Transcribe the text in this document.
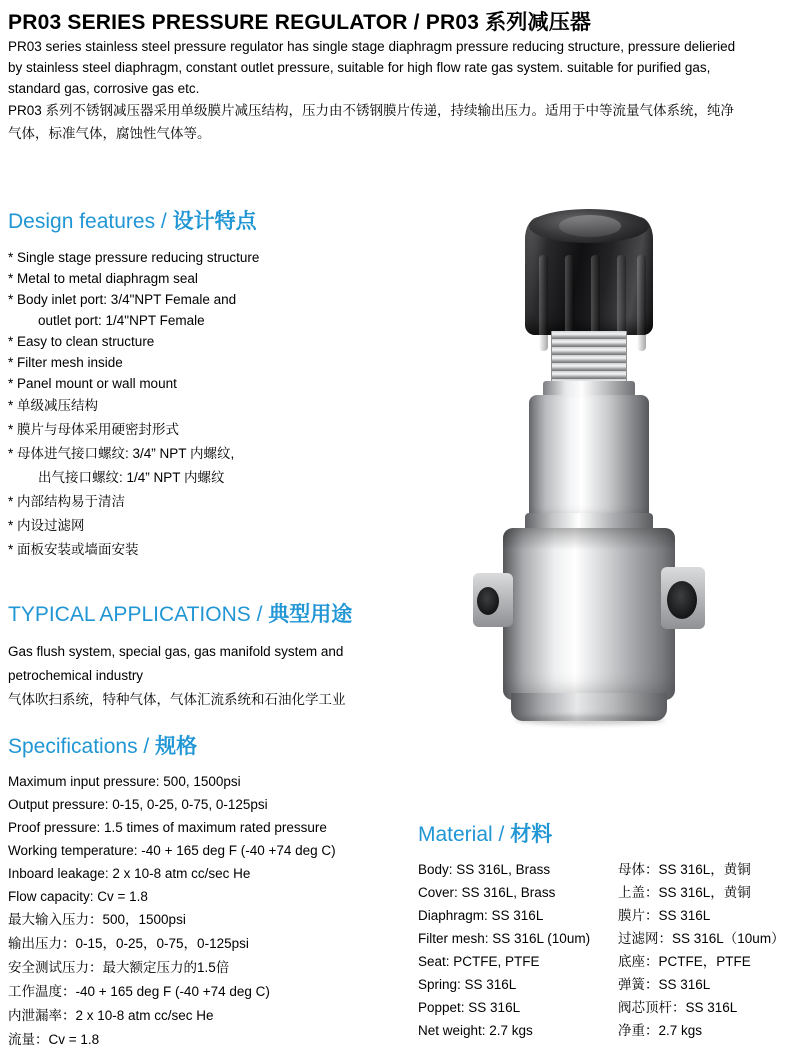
PR03 SERIES PRESSURE REGULATOR / PR03 系列减压器

PR03 series stainless steel pressure regulator has single stage diaphragm pressure reducing structure, pressure delieried

by stainless steel diaphragm, constant outlet pressure, suitable for high flow rate gas system. suitable for purified gas,

standard gas, corrosive gas etc.

PR03 系列不锈钢减压器采用单级膜片减压结构，压力由不锈钢膜片传递，持续输出压力。适用于中等流量气体系统，纯净

气体，标准气体，腐蚀性气体等。

Design features / 设计特点
* Single stage pressure reducing structure
* Metal to metal diaphragm seal
* Body inlet port: 3/4"NPT Female and
outlet port: 1/4"NPT Female
* Easy to clean structure
* Filter mesh inside
* Panel mount or wall mount
* 单级减压结构
* 膜片与母体采用硬密封形式
* 母体进气接口螺纹: 3/4” NPT 内螺纹,
出气接口螺纹: 1/4” NPT 内螺纹
* 内部结构易于清洁
* 内设过滤网
* 面板安装或墙面安装
TYPICAL APPLICATIONS / 典型用途
Gas flush system, special gas, gas manifold system and
petrochemical industry
气体吹扫系统，特种气体，气体汇流系统和石油化学工业
Specifications / 规格
Maximum input pressure: 500, 1500psi
Output pressure: 0-15, 0-25, 0-75, 0-125psi
Proof pressure: 1.5 times of maximum rated pressure
Working temperature: -40 + 165 deg F (-40 +74 deg C)
Inboard leakage: 2 x 10-8 atm cc/sec He
Flow capacity: Cv = 1.8
最大输入压力：500，1500psi
输出压力：0-15，0-25，0-75，0-125psi
安全测试压力：最大额定压力的1.5倍
工作温度：-40 + 165 deg F (-40 +74 deg C)
内泄漏率：2 x 10-8 atm cc/sec He
流量：Cv = 1.8
Material / 材料
Body: SS 316L, Brass	母体：SS 316L，黄铜
Cover: SS 316L, Brass	上盖：SS 316L，黄铜
Diaphragm: SS 316L	膜片：SS 316L
Filter mesh: SS 316L (10um)	过滤网：SS 316L（10um）
Seat: PCTFE, PTFE	底座：PCTFE，PTFE
Spring: SS 316L	弹簧：SS 316L
Poppet: SS 316L	阀芯顶杆：SS 316L
Net weight: 2.7 kgs	净重：2.7 kgs
